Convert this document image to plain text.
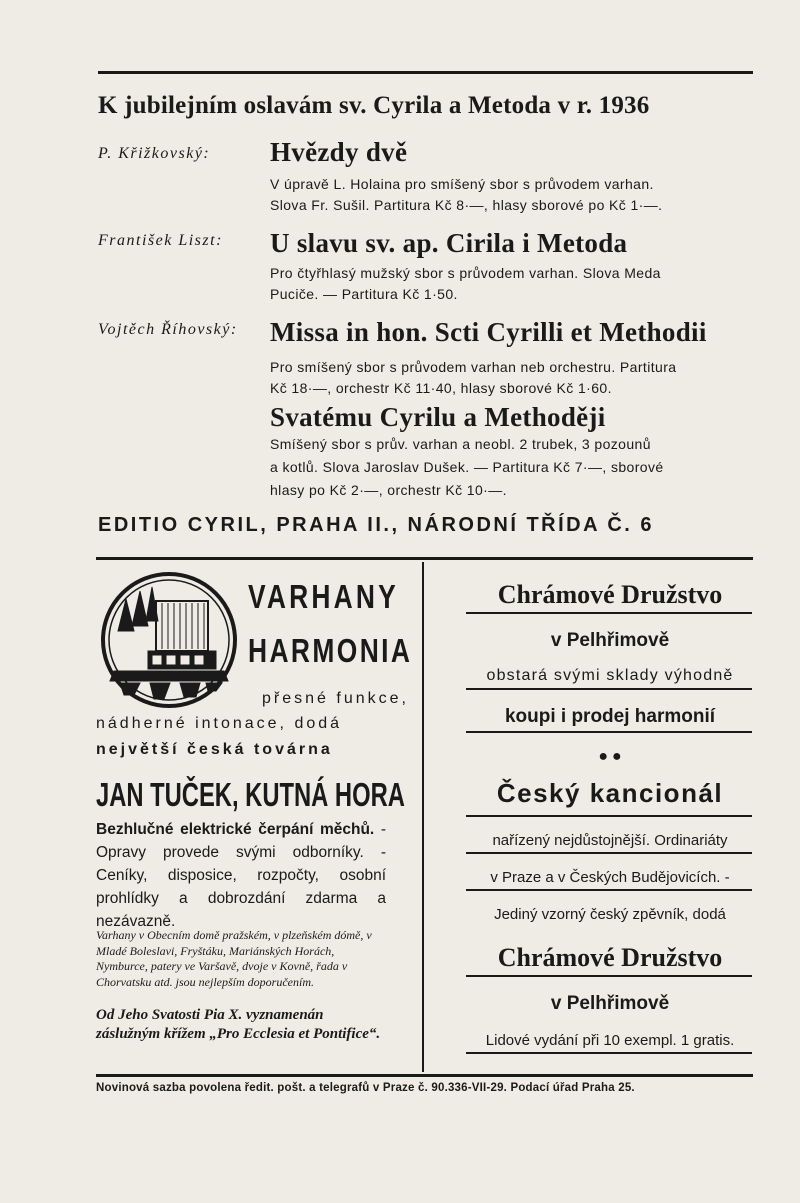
K jubilejním oslavám sv. Cyrila a Metoda v r. 1936
P. Křižkovský: Hvězdy dvě
V úpravě L. Holaina pro smíšený sbor s průvodem varhan.
Slova Fr. Sušil. Partitura Kč 8·—, hlasy sborové po Kč 1·—.
František Liszt: U slavu sv. ap. Cirila i Metoda
Pro čtyřhlasý mužský sbor s průvodem varhan. Slova Meda
Puciče. — Partitura Kč 1·50.
Vojtěch Říhovský: Missa in hon. Scti Cyrilli et Methodii
Pro smíšený sbor s průvodem varhan neb orchestru. Partitura
Kč 18·—, orchestr Kč 11·40, hlasy sborové Kč 1·60.
Svatému Cyrilu a Methoději
Smíšený sbor s prův. varhan a neobl. 2 trubek, 3 pozounů
a kotlů. Slova Jaroslav Dušek. — Partitura Kč 7·—, sborové
hlasy po Kč 2·—, orchestr Kč 10·—.
EDITIO CYRIL, PRAHA II., NÁRODNÍ TŘÍDA Č. 6
VARHANY
HARMONIA
přesné funkce,
nádherné intonace, dodá
největší česká továrna
JAN TUČEK, KUTNÁ HORA
Bezhlučné elektrické čerpání měchů. - Opravy provede svými odborníky. - Ceníky, disposice, rozpočty, osobní prohlídky a dobrozdání zdarma a nezávazně.
Varhany v Obecním domě pražském, v plzeňském dómě, v Mladé Boleslavi, Fryštáku, Mariánských Horách, Nymburce, patery ve Varšavě, dvoje v Kovně, řada v Chorvatsku atd. jsou nejlepším doporučením.
Od Jeho Svatosti Pia X. vyznamenán záslužným křížem „Pro Ecclesia et Pontifice“.
Chrámové Družstvo
v Pelhřimově
obstará svými sklady výhodně
koupi i prodej harmonií
● ●
Český kancionál
nařízený nejdůstojnější. Ordinariáty
v Praze a v Českých Budějovicích. -
Jediný vzorný český zpěvník, dodá
Chrámové Družstvo
v Pelhřimově
Lidové vydání při 10 exempl. 1 gratis.
Novinová sazba povolena ředit. pošt. a telegrafů v Praze č. 90.336-VII-29. Podací úřad Praha 25.
